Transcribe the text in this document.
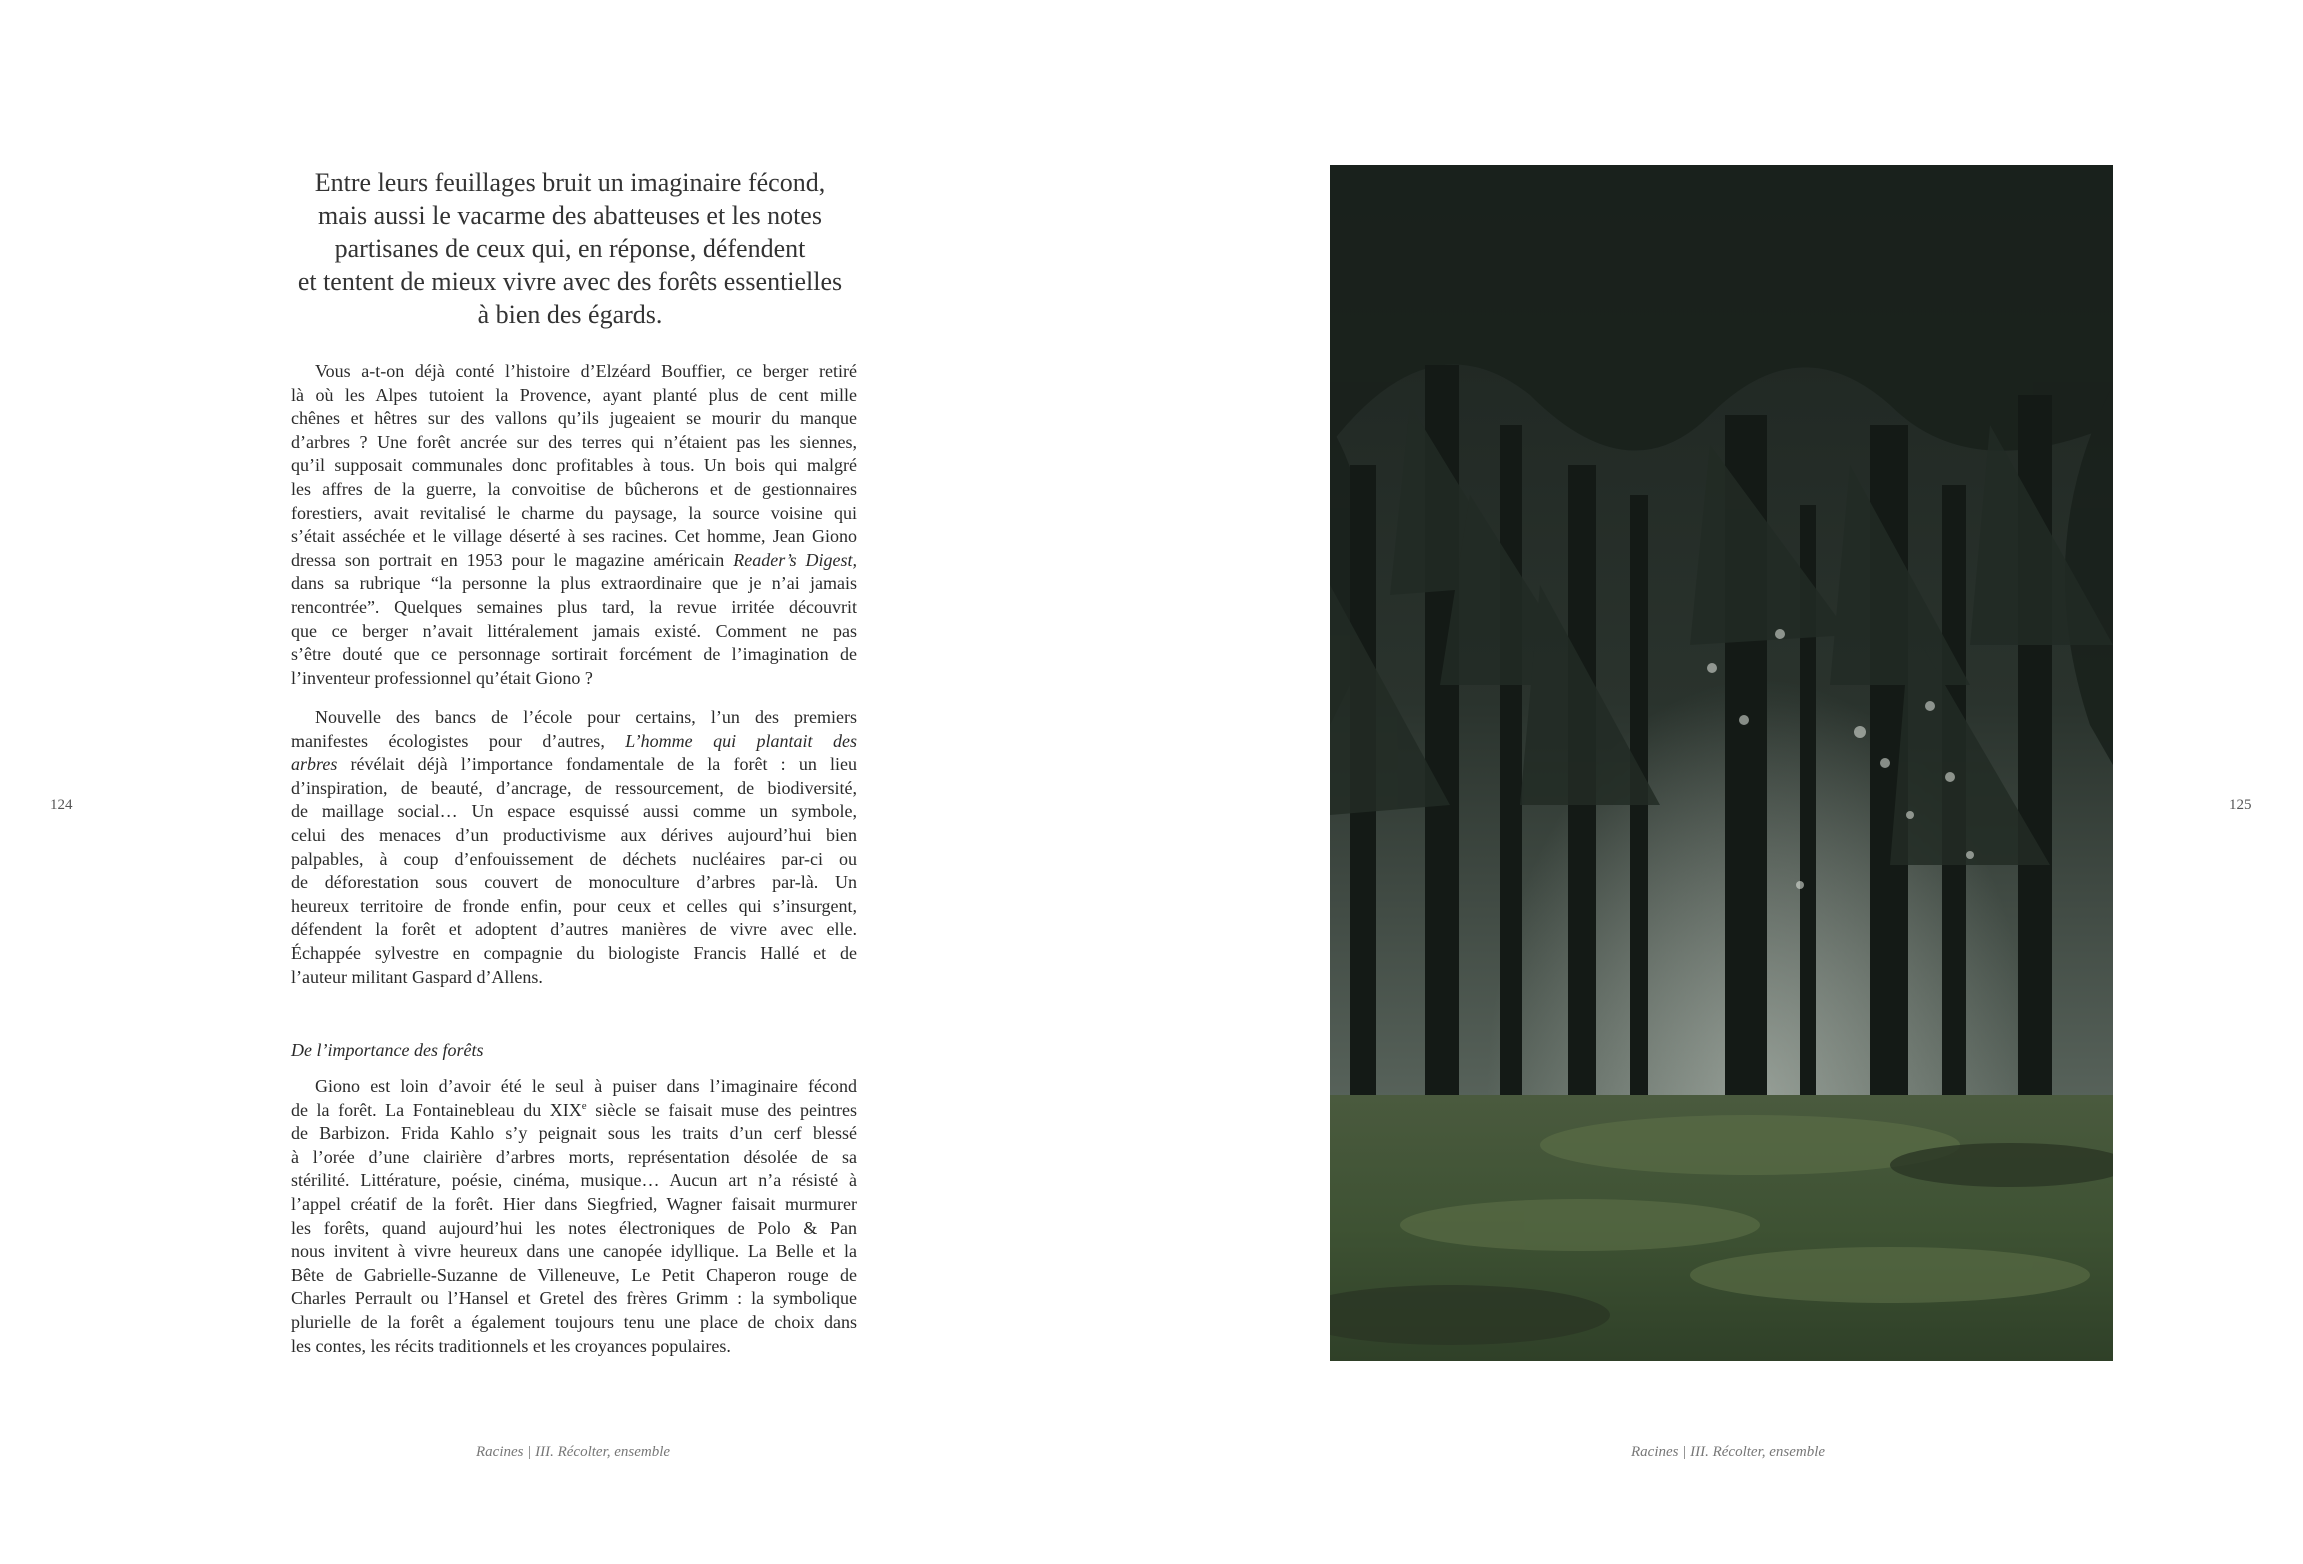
Entre leurs feuillages bruit un imaginaire fécond,
mais aussi le vacarme des abatteuses et les notes
partisanes de ceux qui, en réponse, défendent
et tentent de mieux vivre avec des forêts essentielles
à bien des égards.
Vous a-t-on déjà conté l’histoire d’Elzéard Bouffier, ce berger retiré
là où les Alpes tutoient la Provence, ayant planté plus de cent mille
chênes et hêtres sur des vallons qu’ils jugeaient se mourir du manque
d’arbres ? Une forêt ancrée sur des terres qui n’étaient pas les siennes,
qu’il supposait communales donc profitables à tous. Un bois qui malgré
les affres de la guerre, la convoitise de bûcherons et de gestionnaires
forestiers, avait revitalisé le charme du paysage, la source voisine qui
s’était asséchée et le village déserté à ses racines. Cet homme, Jean Giono
dressa son portrait en 1953 pour le magazine américain Reader’s Digest,
dans sa rubrique “la personne la plus extraordinaire que je n’ai jamais
rencontrée”. Quelques semaines plus tard, la revue irritée découvrit
que ce berger n’avait littéralement jamais existé. Comment ne pas
s’être douté que ce personnage sortirait forcément de l’imagination de
l’inventeur professionnel qu’était Giono ?
Nouvelle des bancs de l’école pour certains, l’un des premiers
manifestes écologistes pour d’autres, L’homme qui plantait des
arbres révélait déjà l’importance fondamentale de la forêt : un lieu
d’inspiration, de beauté, d’ancrage, de ressourcement, de biodiversité,
de maillage social… Un espace esquissé aussi comme un symbole,
celui des menaces d’un productivisme aux dérives aujourd’hui bien
palpables, à coup d’enfouissement de déchets nucléaires par-ci ou
de déforestation sous couvert de monoculture d’arbres par-là. Un
heureux territoire de fronde enfin, pour ceux et celles qui s’insurgent,
défendent la forêt et adoptent d’autres manières de vivre avec elle.
Échappée sylvestre en compagnie du biologiste Francis Hallé et de
l’auteur militant Gaspard d’Allens.
De l’importance des forêts
Giono est loin d’avoir été le seul à puiser dans l’imaginaire fécond
de la forêt. La Fontainebleau du XIXe siècle se faisait muse des peintres
de Barbizon. Frida Kahlo s’y peignait sous les traits d’un cerf blessé
à l’orée d’une clairière d’arbres morts, représentation désolée de sa
stérilité. Littérature, poésie, cinéma, musique… Aucun art n’a résisté à
l’appel créatif de la forêt. Hier dans Siegfried, Wagner faisait murmurer
les forêts, quand aujourd’hui les notes électroniques de Polo & Pan
nous invitent à vivre heureux dans une canopée idyllique. La Belle et la
Bête de Gabrielle-Suzanne de Villeneuve, Le Petit Chaperon rouge de
Charles Perrault ou l’Hansel et Gretel des frères Grimm : la symbolique
plurielle de la forêt a également toujours tenu une place de choix dans
les contes, les récits traditionnels et les croyances populaires.
124	125
Racines | III. Récolter, ensemble	Racines | III. Récolter, ensemble
